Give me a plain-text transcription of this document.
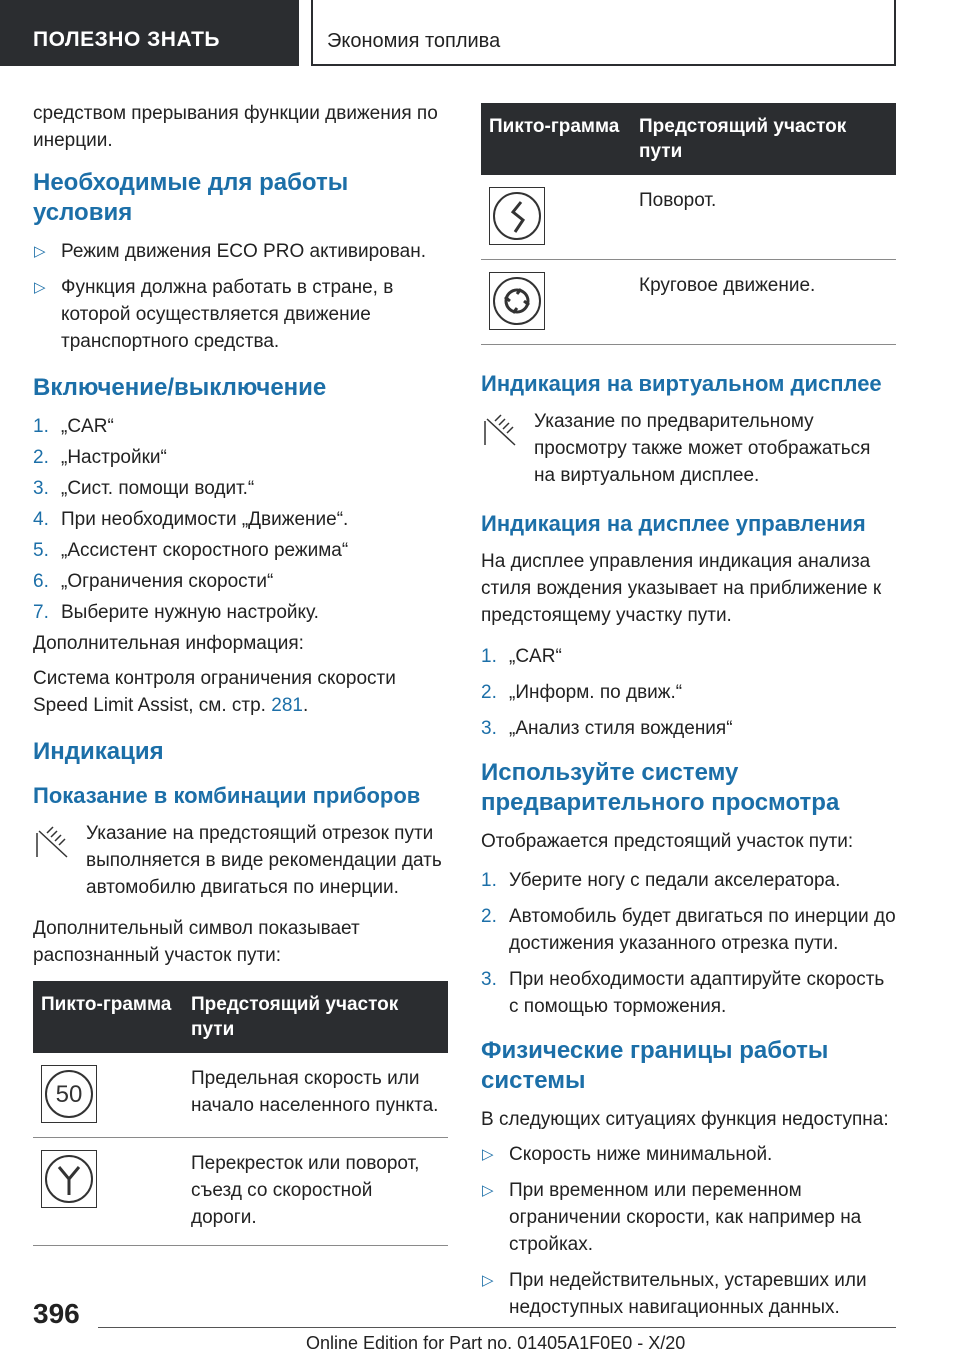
ПОЛЕЗНО ЗНАТЬ	Экономия топлива

средством прерывания функции движения по инерции.

Необходимые для работы условия
▷ Режим движения ECO PRO активирован.
▷ Функция должна работать в стране, в которой осуществляется движение транспортного средства.
Включение/выключение
1. „CAR“
2. „Настройки“
3. „Сист. помощи водит.“
4. При необходимости „Движение“.
5. „Ассистент скоростного режима“
6. „Ограничения скорости“
7. Выберите нужную настройку.

Дополнительная информация:

Система контроля ограничения скорости Speed Limit Assist, см. стр. 281.

Индикация
Показание в комбинации приборов
Указание на предстоящий отрезок пути выполняется в виде рекомендации дать автомобилю двигаться по инерции.

Дополнительный символ показывает распознанный участок пути:

Пикто-грамма	Предстоящий участок пути

50	Предельная скорость или начало населенного пункта.

	Перекресток или поворот, съезд со скоростной дороги.
Пикто-грамма	Предстоящий участок пути

	Поворот.

	Круговое движение.
Индикация на виртуальном дисплее
Указание по предварительному просмотру также может отображаться на виртуальном дисплее.
Индикация на дисплее управления

На дисплее управления индикация анализа стиля вождения указывает на приближение к предстоящему участку пути.

1. „CAR“
2. „Информ. по движ.“
3. „Анализ стиля вождения“
Используйте систему предварительного просмотра

Отображается предстоящий участок пути:

1. Уберите ногу с педали акселератора.
2. Автомобиль будет двигаться по инерции до достижения указанного отрезка пути.
3. При необходимости адаптируйте скорость с помощью торможения.
Физические границы работы системы

В следующих ситуациях функция недоступна:

▷ Скорость ниже минимальной.
▷ При временном или переменном ограничении скорости, как например на стройках.
▷ При недействительных, устаревших или недоступных навигационных данных.
396
Online Edition for Part no. 01405A1F0E0 - X/20
